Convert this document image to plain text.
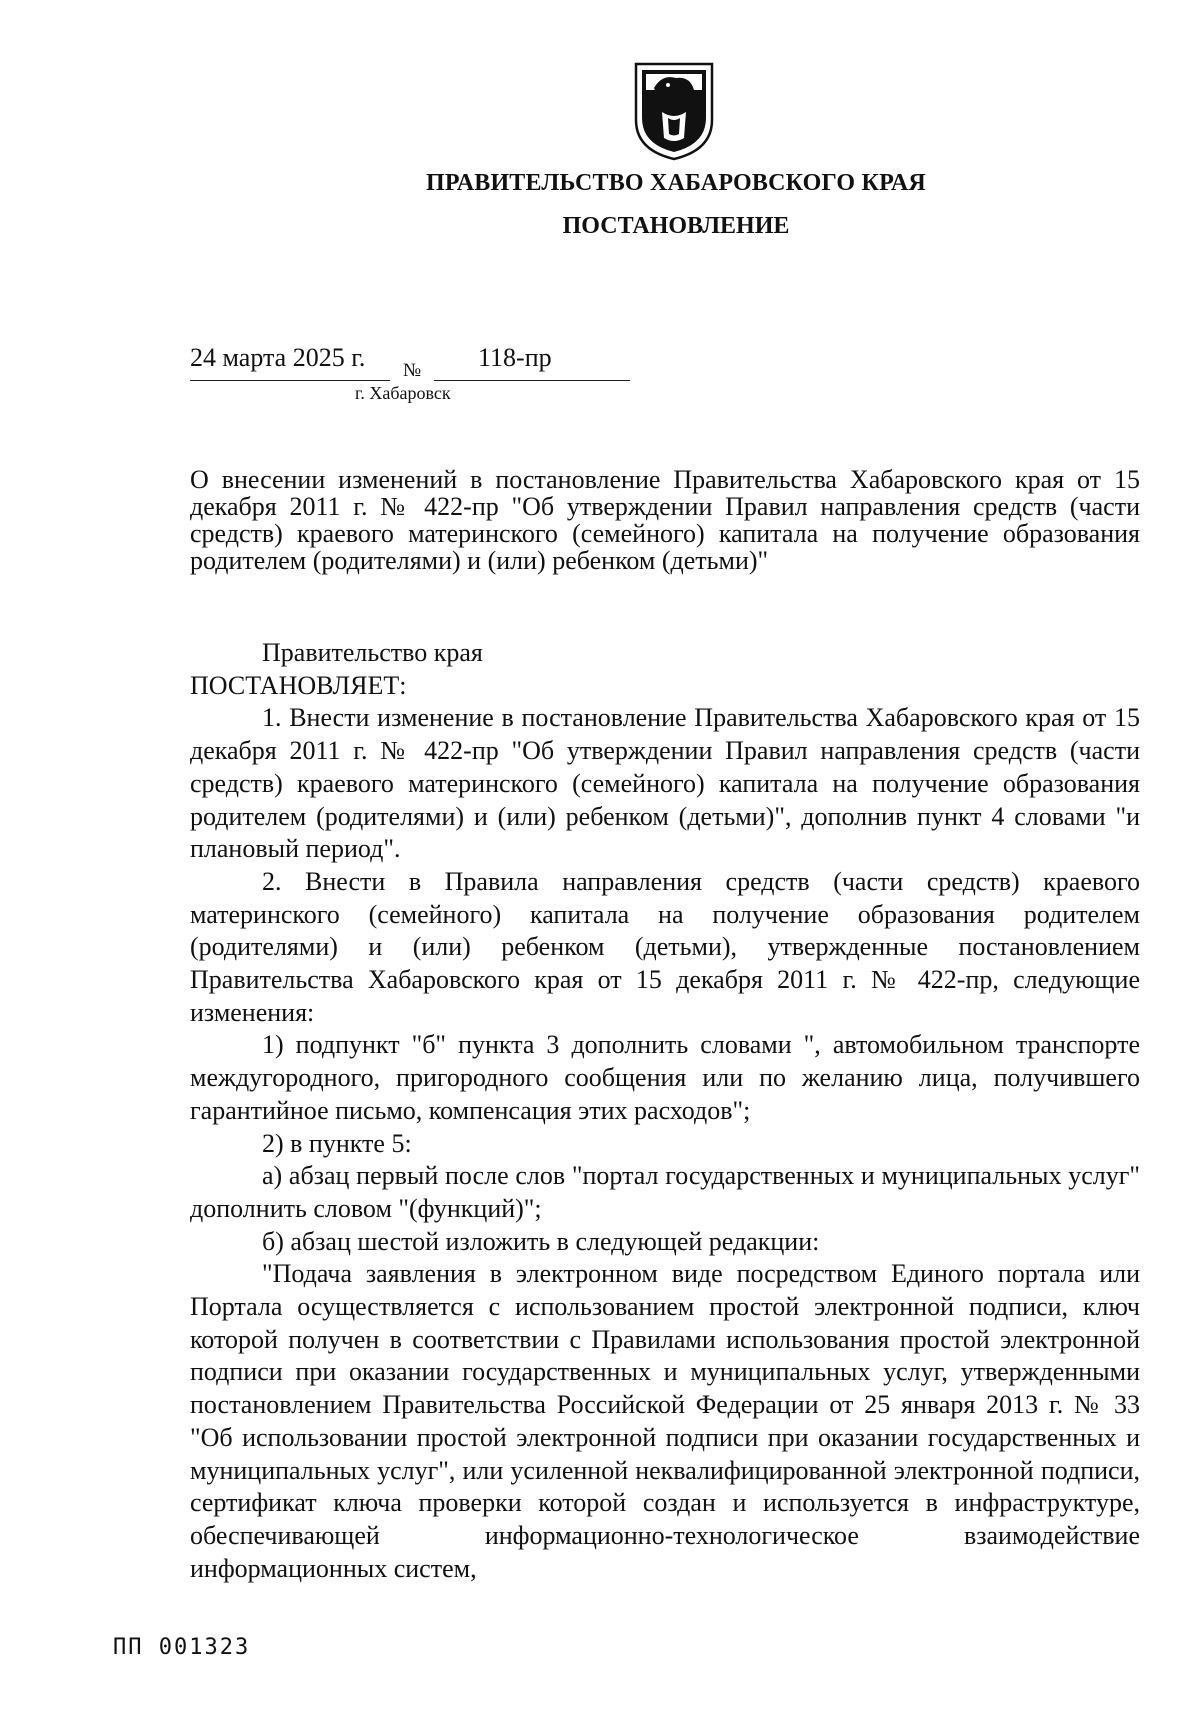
ПРАВИТЕЛЬСТВО ХАБАРОВСКОГО КРАЯ
ПОСТАНОВЛЕНИЕ
24 марта 2025 г. № 118-пр
г. Хабаровск
О внесении изменений в постановление Правительства Хабаровского края от 15 декабря 2011 г. № 422-пр "Об утверждении Правил направления средств (части средств) краевого материнского (семейного) капитала на получение образования родителем (родителями) и (или) ребенком (детьми)"

Правительство края

ПОСТАНОВЛЯЕТ:

1. Внести изменение в постановление Правительства Хабаровского края от 15 декабря 2011 г. № 422-пр "Об утверждении Правил направления средств (части средств) краевого материнского (семейного) капитала на получение образования родителем (родителями) и (или) ребенком (детьми)", дополнив пункт 4 словами "и плановый период".

2. Внести в Правила направления средств (части средств) краевого материнского (семейного) капитала на получение образования родителем (родителями) и (или) ребенком (детьми), утвержденные постановлением Правительства Хабаровского края от 15 декабря 2011 г. № 422-пр, следующие изменения:

1) подпункт "б" пункта 3 дополнить словами ", автомобильном транспорте междугородного, пригородного сообщения или по желанию лица, получившего гарантийное письмо, компенсация этих расходов";

2) в пункте 5:

а) абзац первый после слов "портал государственных и муниципальных услуг" дополнить словом "(функций)";

б) абзац шестой изложить в следующей редакции:

"Подача заявления в электронном виде посредством Единого портала или Портала осуществляется с использованием простой электронной подписи, ключ которой получен в соответствии с Правилами использования простой электронной подписи при оказании государственных и муниципальных услуг, утвержденными постановлением Правительства Российской Федерации от 25 января 2013 г. № 33 "Об использовании простой электронной подписи при оказании государственных и муниципальных услуг", или усиленной неквалифицированной электронной подписи, сертификат ключа проверки которой создан и используется в инфраструктуре, обеспечивающей информационно-технологическое взаимодействие информационных систем,

ПП 001323
